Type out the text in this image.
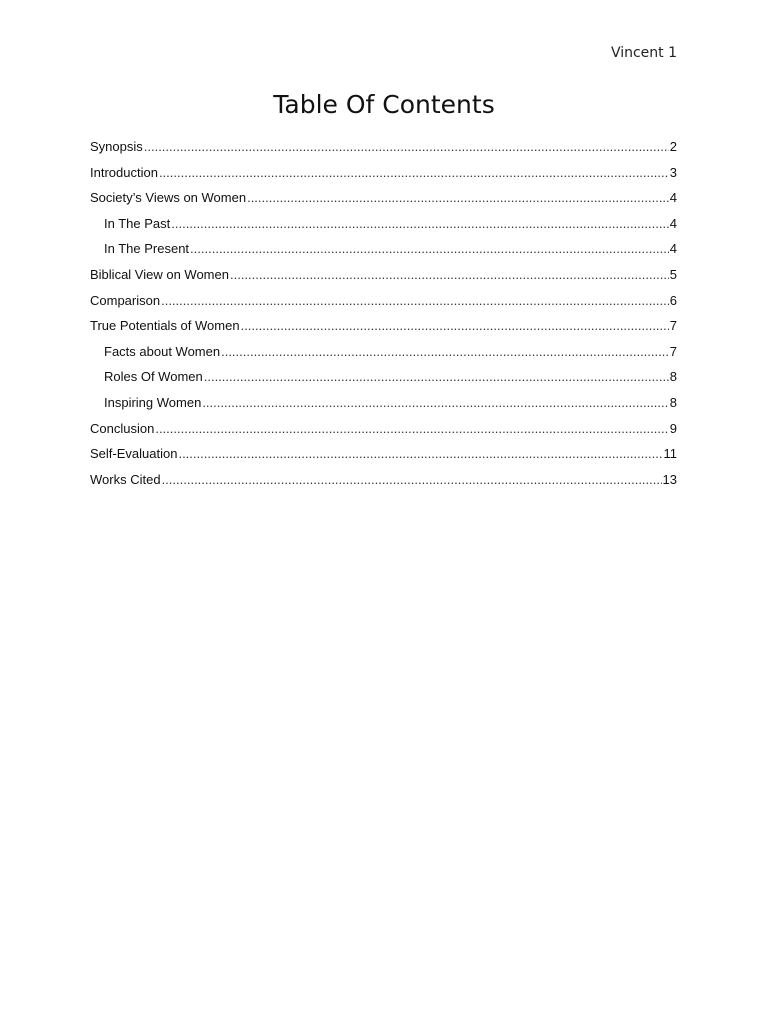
Vincent 1
Table Of Contents
Synopsis .....	2
Introduction .....	3
Society’s Views on Women .....	4
In The Past .....	4
In The Present .....	4
Biblical View on Women .....	5
Comparison .....	6
True Potentials of Women .....	7
Facts about Women .....	7
Roles Of Women .....	8
Inspiring Women .....	8
Conclusion .....	9
Self-Evaluation .....	11
Works Cited .....	13
